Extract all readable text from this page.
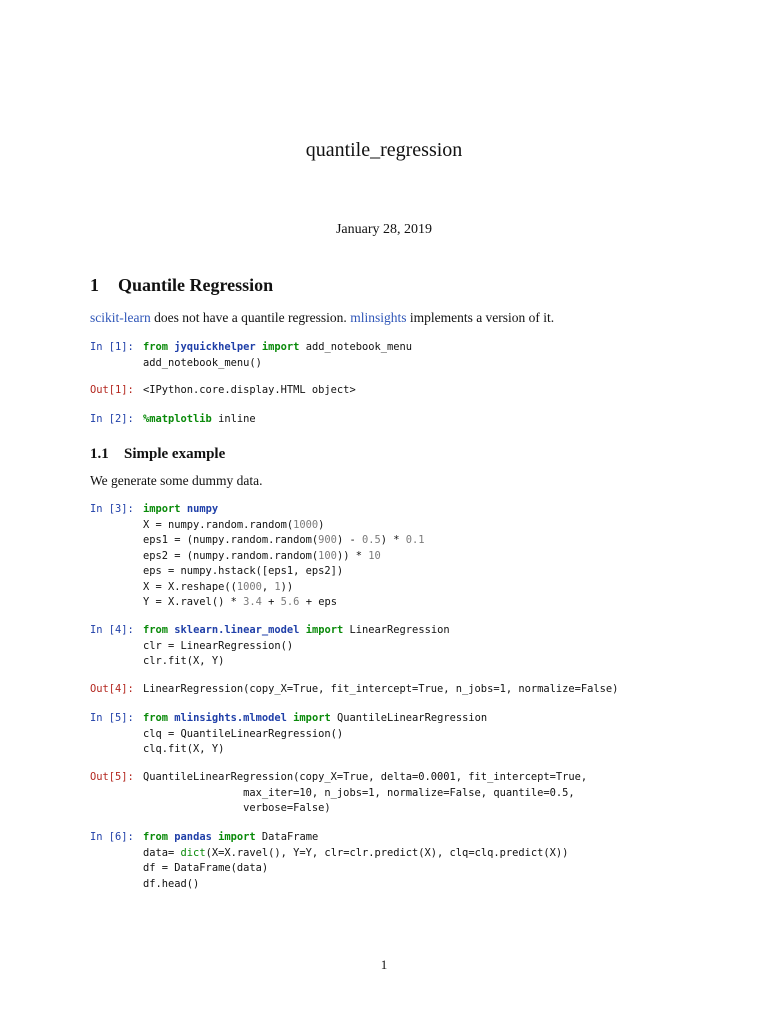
quantile_regression
January 28, 2019
1 Quantile Regression
scikit-learn does not have a quantile regression. mlinsights implements a version of it.

In [1]:

from jyquickhelper import add_notebook_menu
add_notebook_menu()

Out[1]:

<IPython.core.display.HTML object>

In [2]:

%matplotlib inline

1.1 Simple example
We generate some dummy data.

In [3]:

import numpy
X = numpy.random.random(1000)
eps1 = (numpy.random.random(900) - 0.5) * 0.1
eps2 = (numpy.random.random(100)) * 10
eps = numpy.hstack([eps1, eps2])
X = X.reshape((1000, 1))
Y = X.ravel() * 3.4 + 5.6 + eps

In [4]:

from sklearn.linear_model import LinearRegression
clr = LinearRegression()
clr.fit(X, Y)

Out[4]:

LinearRegression(copy_X=True, fit_intercept=True, n_jobs=1, normalize=False)

In [5]:

from mlinsights.mlmodel import QuantileLinearRegression
clq = QuantileLinearRegression()
clq.fit(X, Y)

Out[5]:

QuantileLinearRegression(copy_X=True, delta=0.0001, fit_intercept=True,
max_iter=10, n_jobs=1, normalize=False, quantile=0.5,
verbose=False)

In [6]:

from pandas import DataFrame
data= dict(X=X.ravel(), Y=Y, clr=clr.predict(X), clq=clq.predict(X))
df = DataFrame(data)
df.head()

1
